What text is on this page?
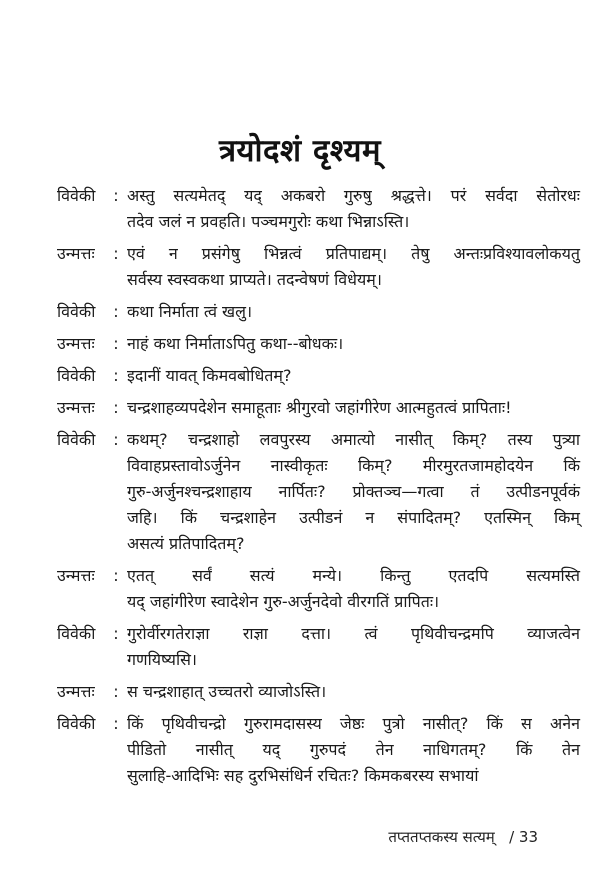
त्रयोदशं दृश्यम्
विवेकी	: अस्तु सत्यमेतद् यद् अकबरो गुरुषु श्रद्धत्ते। परं सर्वदा सेतोरधः
तदेव जलं न प्रवहति। पञ्चमगुरोः कथा भिन्नाऽस्ति।
उन्मत्तः	: एवं न प्रसंगेषु भिन्नत्वं प्रतिपाद्यम्। तेषु अन्तःप्रविश्यावलोकयतु
सर्वस्य स्वस्वकथा प्राप्यते। तदन्वेषणं विधेयम्।
विवेकी	: कथा निर्माता त्वं खलु।
उन्मत्तः	: नाहं कथा निर्माताऽपितु कथा--बोधकः।
विवेकी	: इदानीं यावत् किमवबोधितम्?
उन्मत्तः	: चन्द्रशाहव्यपदेशेन समाहूताः श्रीगुरवो जहांगीरेण आत्महुतत्वं प्रापिताः!
विवेकी	: कथम्? चन्द्रशाहो लवपुरस्य अमात्यो नासीत् किम्? तस्य पुत्र्या
विवाहप्रस्तावोऽर्जुनेन नास्वीकृतः किम्? मीरमुरतजामहोदयेन किं
गुरु-अर्जुनश्चन्द्रशाहाय नार्पितः? प्रोक्तञ्च—गत्वा तं उत्पीडनपूर्वकं
जहि। किं चन्द्रशाहेन उत्पीडनं न संपादितम्? एतस्मिन् किम्
असत्यं प्रतिपादितम्?
उन्मत्तः	: एतत् सर्वं सत्यं मन्ये। किन्तु एतदपि सत्यमस्ति
यद् जहांगीरेण स्वादेशेन गुरु-अर्जुनदेवो वीरगतिं प्रापितः।
विवेकी	: गुरोर्वीरगतेराज्ञा राज्ञा दत्ता। त्वं पृथिवीचन्द्रमपि व्याजत्वेन
गणयिष्यसि।
उन्मत्तः	: स चन्द्रशाहात् उच्चतरो व्याजोऽस्ति।
विवेकी	: किं पृथिवीचन्द्रो गुरुरामदासस्य जेष्ठः पुत्रो नासीत्? किं स अनेन
पीडितो नासीत् यद् गुरुपदं तेन नाधिगतम्? किं तेन
सुलाहि-आदिभिः सह दुरभिसंधिर्न रचितः? किमकबरस्य सभायां
तप्ततप्तकस्य सत्यम्   / 33
